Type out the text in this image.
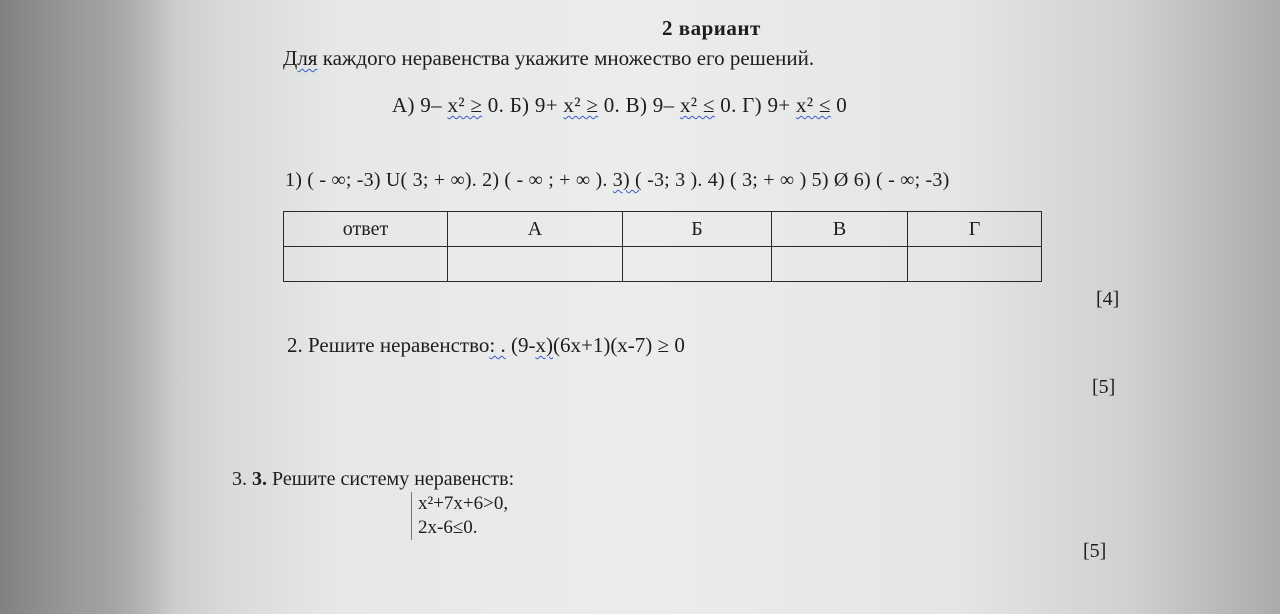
2 вариант
Для каждого неравенства укажите множество его решений.
А) 9– x² ≥ 0. Б) 9+ x² ≥ 0. В) 9– x² ≤ 0. Г) 9+ x² ≤ 0
1) ( - ∞; -3) U( 3; + ∞). 2) ( - ∞ ; + ∞ ). 3) ( -3; 3 ). 4) ( 3; + ∞ ) 5) Ø 6) ( - ∞; -3)
ответ	А	Б	В	Г

[4]
2. Решите неравенство: . (9-х)(6х+1)(х-7) ≥ 0
[5]
3. 3. Решите систему неравенств:
x²+7x+6>0,
2х-6≤0.
[5]
